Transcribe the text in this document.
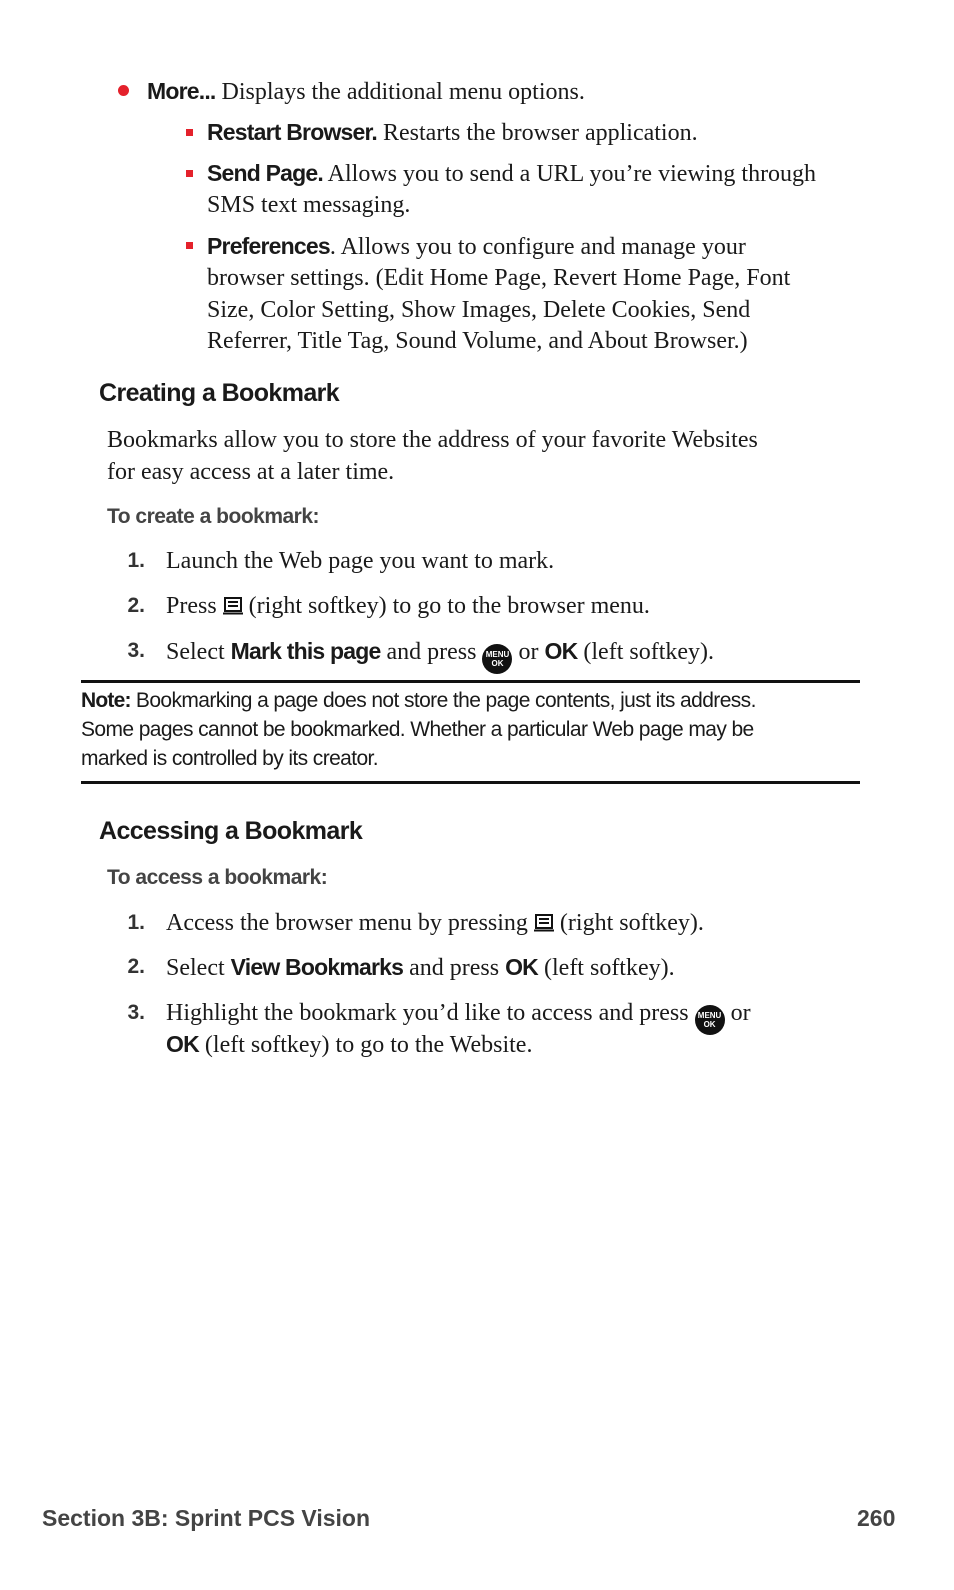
More... Displays the additional menu options.
Restart Browser. Restarts the browser application.
Send Page. Allows you to send a URL you’re viewing through
SMS text messaging.
Preferences. Allows you to configure and manage your
browser settings. (Edit Home Page, Revert Home Page, Font
Size, Color Setting, Show Images, Delete Cookies, Send
Referrer, Title Tag, Sound Volume, and About Browser.)
Creating a Bookmark
Bookmarks allow you to store the address of your favorite Websites
for easy access at a later time.
To create a bookmark:
1. Launch the Web page you want to mark.
2. Press  (right softkey) to go to the browser menu.
3. Select Mark this page and press MENU
OK or OK (left softkey).
Note: Bookmarking a page does not store the page contents, just its address.
Some pages cannot be bookmarked. Whether a particular Web page may be
marked is controlled by its creator.
Accessing a Bookmark
To access a bookmark:
1. Access the browser menu by pressing  (right softkey).
2. Select View Bookmarks and press OK (left softkey).
3. Highlight the bookmark you’d like to access and press MENU
OK or
OK (left softkey) to go to the Website.
Section 3B: Sprint PCS Vision	260
